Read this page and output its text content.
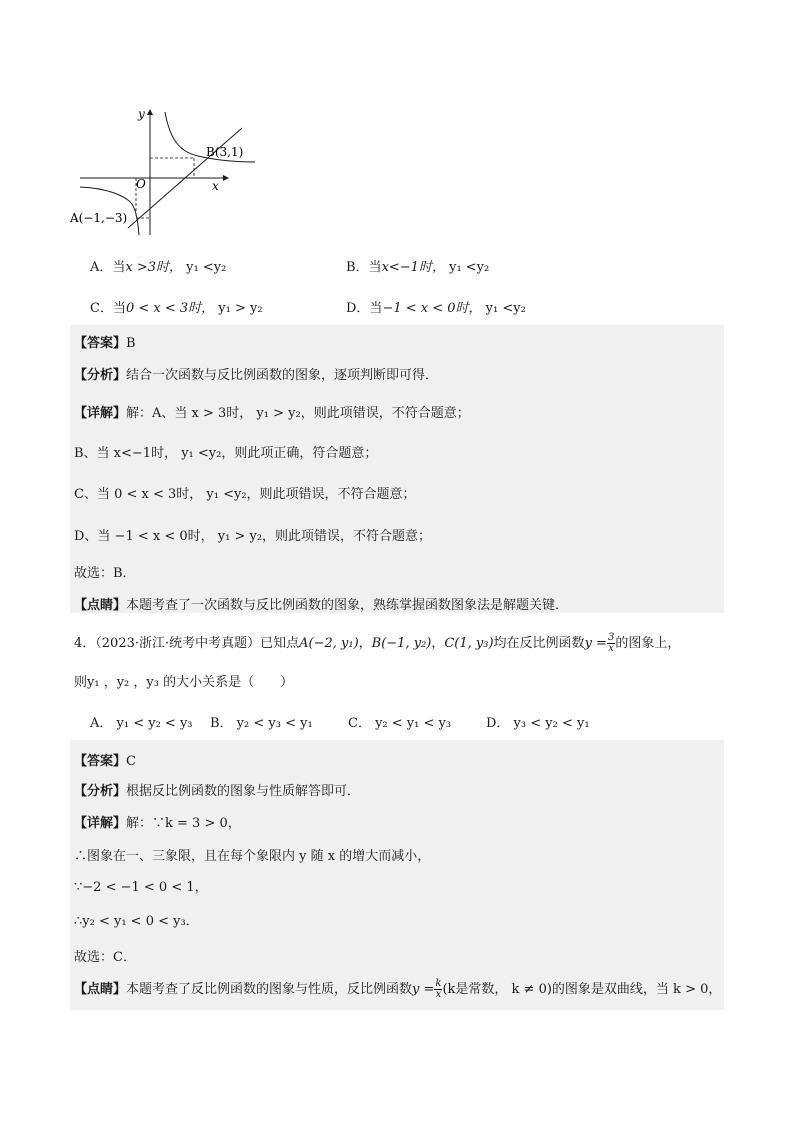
y
x
O
B(3,1)
A(−1,−3)
A．当x >3时， y₁ <y₂	B．当x<−1时， y₁ <y₂
C．当0 < x < 3时， y₁ > y₂	D．当−1 < x < 0时， y₁ <y₂
【答案】B
【分析】结合一次函数与反比例函数的图象，逐项判断即可得．
【详解】解：A、当 x > 3时， y₁ > y₂，则此项错误，不符合题意；
B、当 x<−1时， y₁ <y₂，则此项正确，符合题意；
C、当 0 < x < 3时， y₁ <y₂，则此项错误，不符合题意；
D、当 −1 < x < 0时， y₁ > y₂，则此项错误，不符合题意；
故选：B．
【点睛】本题考查了一次函数与反比例函数的图象，熟练掌握函数图象法是解题关键．
4．（2023·浙江·统考中考真题）已知点A(−2, y₁)，B(−1, y₂)，C(1, y₃)均在反比例函数$y = \frac{3}{x}$ 的图象上，
则y₁ ，y₂ ，y₃ 的大小关系是（　　）
A． y₁ < y₂ < y₃ B． y₂ < y₃ < y₁	C． y₂ < y₁ < y₃	D． y₃ < y₂ < y₁
【答案】C
【分析】根据反比例函数的图象与性质解答即可．
【详解】解：∵k = 3 > 0，
∴图象在一、三象限，且在每个象限内 y 随 x 的增大而减小，
∵−2 < −1 < 0 < 1，
∴y₂ < y₁ < 0 < y₃．
故选：C．
【点睛】本题考查了反比例函数的图象与性质，反比例函数$y = \frac{k}{x} (k$是常数， k ≠ 0)的图象是双曲线，当 k > 0，
